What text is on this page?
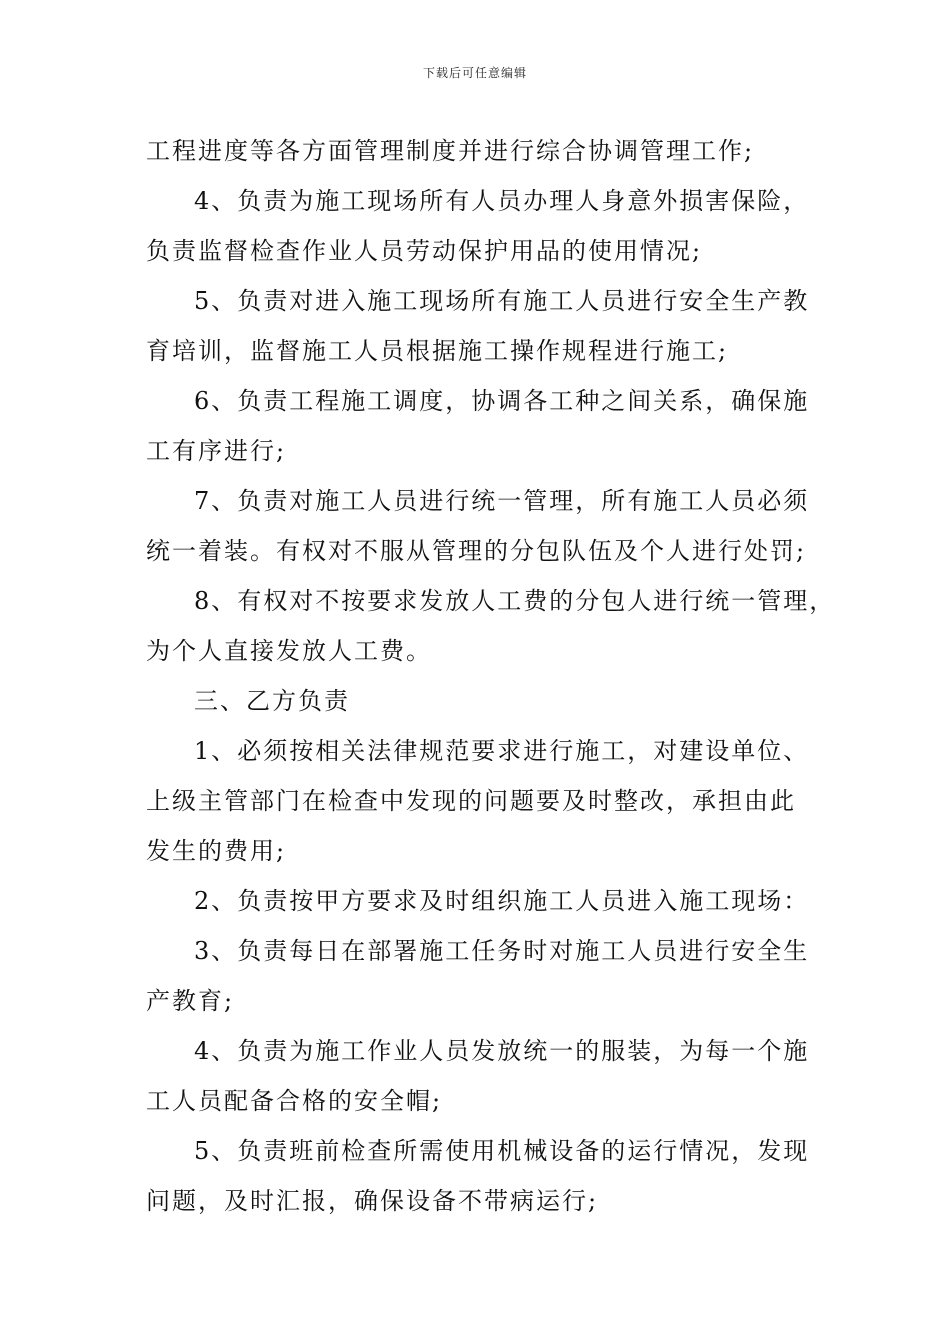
下载后可任意编辑
工程进度等各方面管理制度并进行综合协调管理工作;
4、负责为施工现场所有人员办理人身意外损害保险，
负责监督检查作业人员劳动保护用品的使用情况;
5、负责对进入施工现场所有施工人员进行安全生产教
育培训，监督施工人员根据施工操作规程进行施工;
6、负责工程施工调度，协调各工种之间关系，确保施
工有序进行;
7、负责对施工人员进行统一管理，所有施工人员必须
统一着装。有权对不服从管理的分包队伍及个人进行处罚;
8、有权对不按要求发放人工费的分包人进行统一管理，
为个人直接发放人工费。
三、乙方负责
1、必须按相关法律规范要求进行施工，对建设单位、
上级主管部门在检查中发现的问题要及时整改，承担由此
发生的费用;
2、负责按甲方要求及时组织施工人员进入施工现场：
3、负责每日在部署施工任务时对施工人员进行安全生
产教育;
4、负责为施工作业人员发放统一的服装，为每一个施
工人员配备合格的安全帽;
5、负责班前检查所需使用机械设备的运行情况，发现
问题，及时汇报，确保设备不带病运行;
